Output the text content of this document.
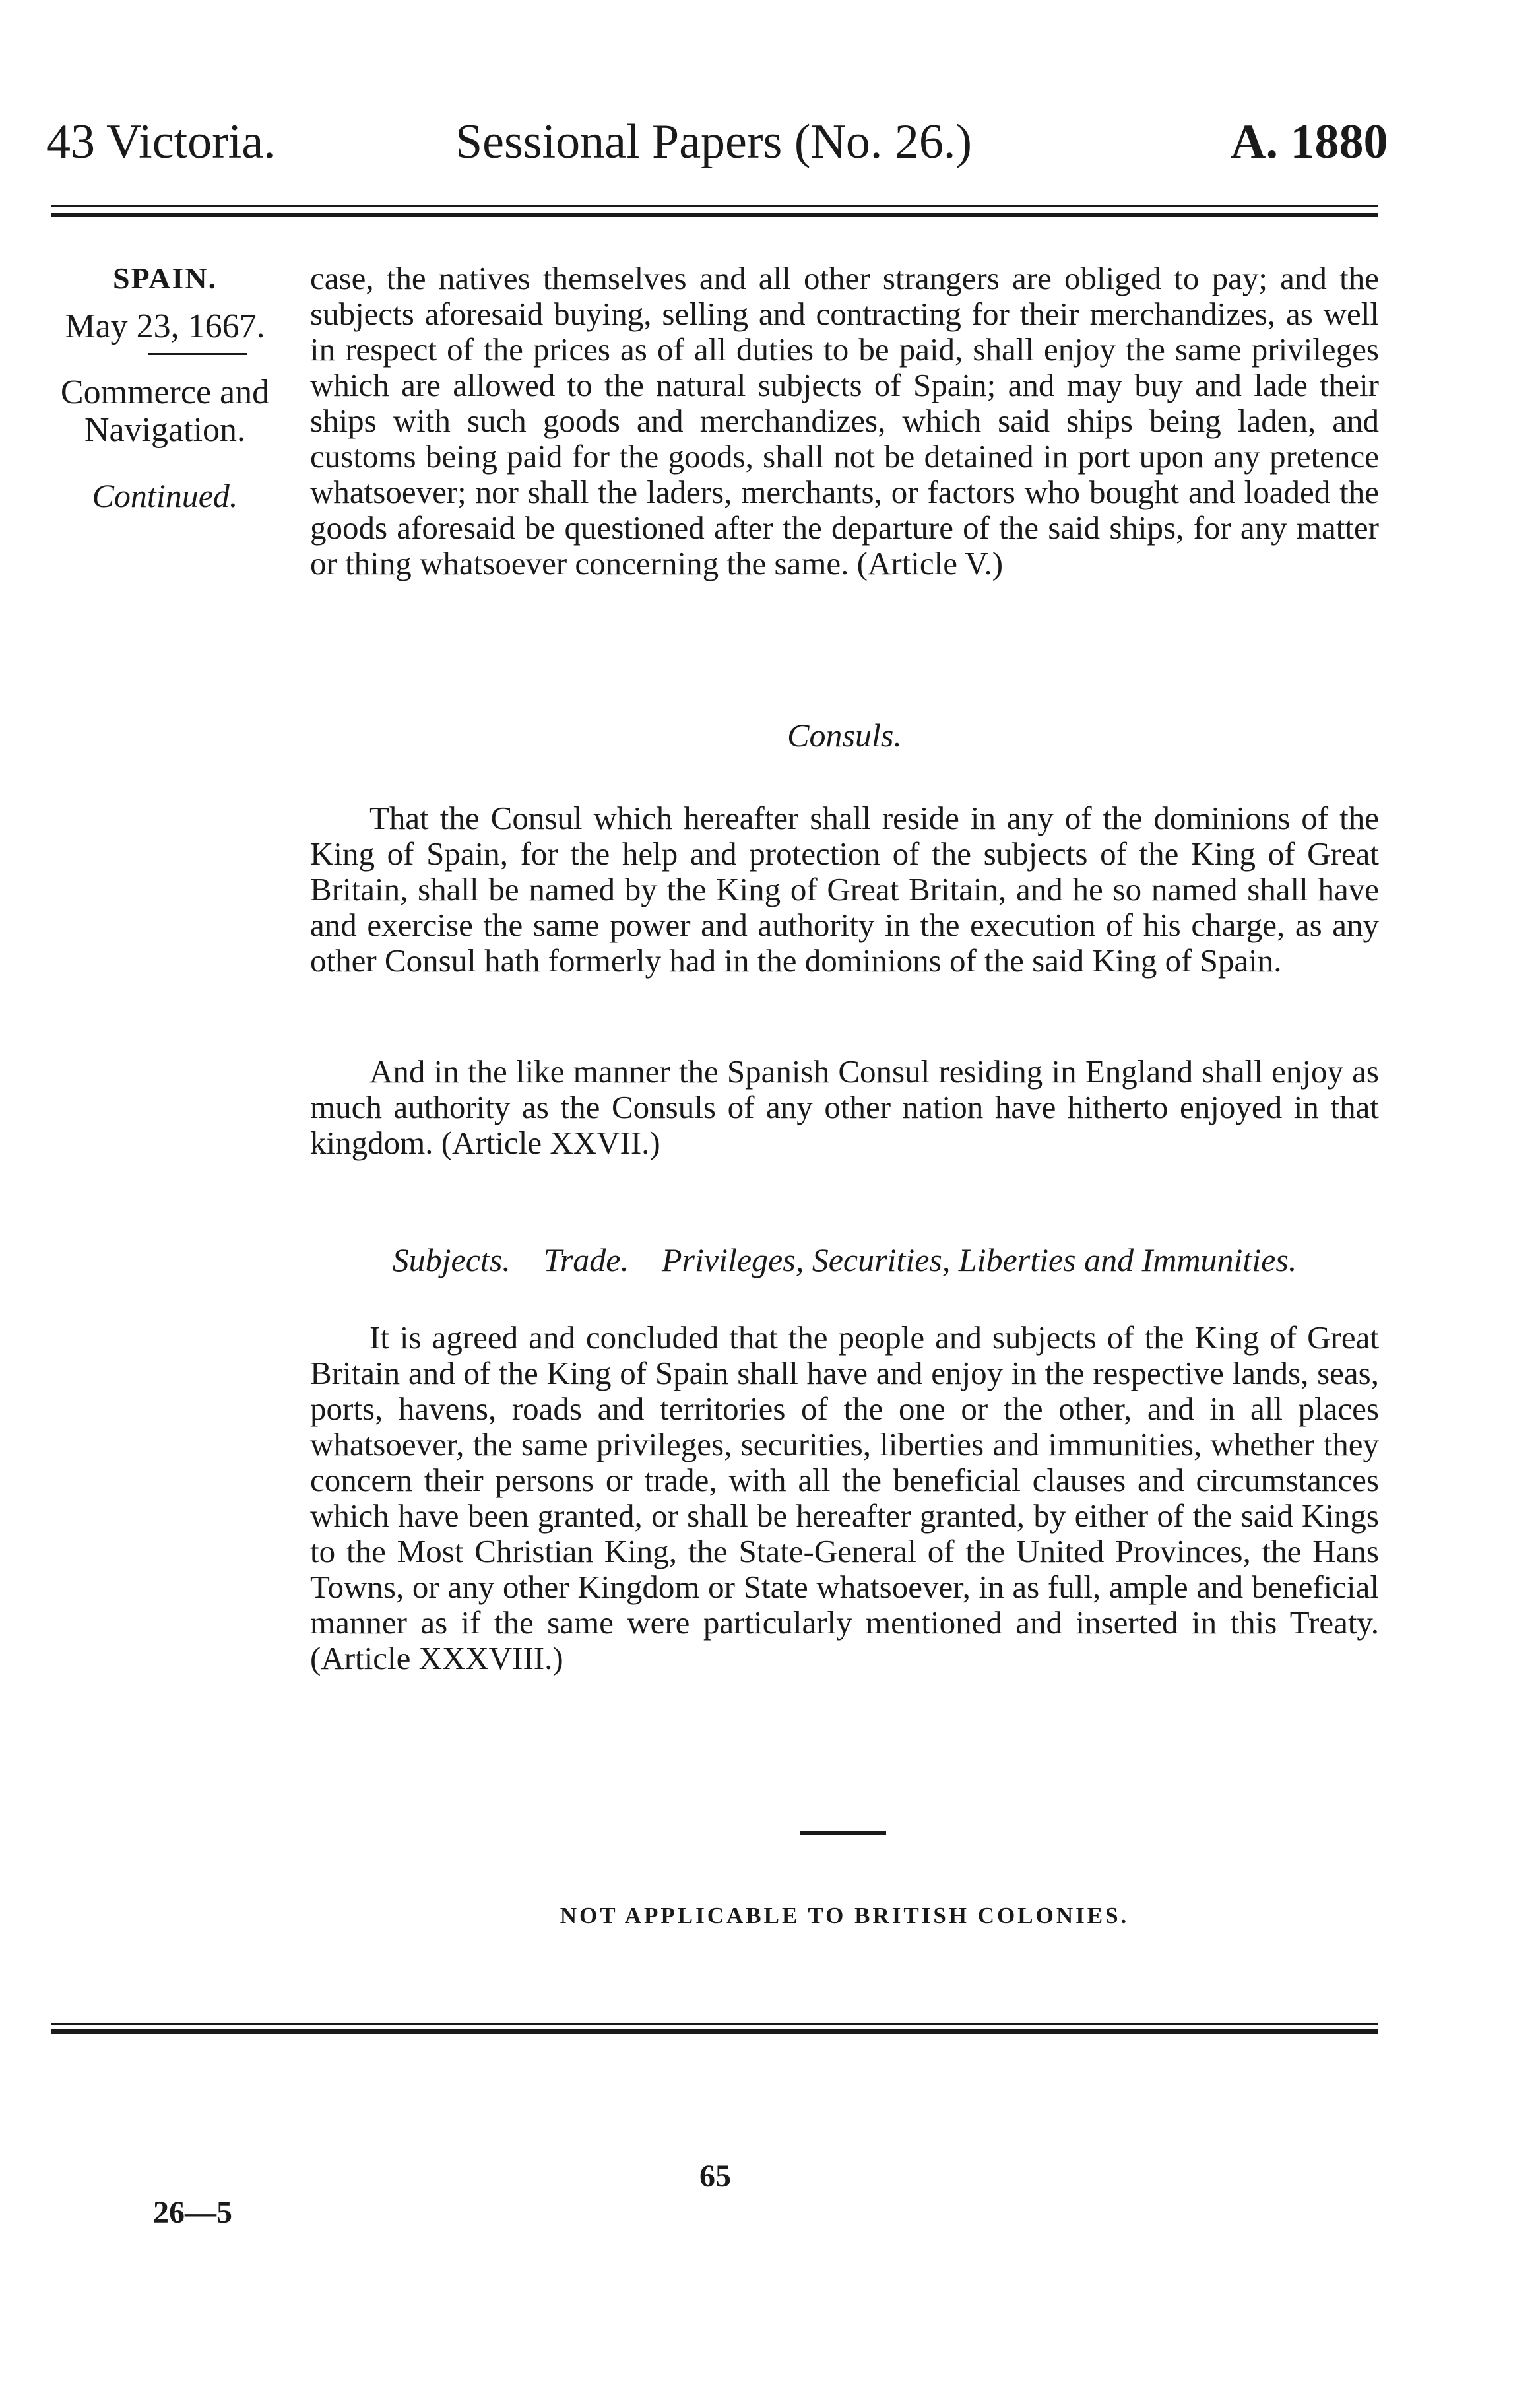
43 Victoria.	Sessional Papers (No. 26.)	A. 1880
SPAIN.
May 23, 1667.
Commerce and
Navigation.
Continued.
case, the natives themselves and all other strangers are obliged to pay; and the subjects aforesaid buying, selling and contracting for their merchandizes, as well in respect of the prices as of all duties to be paid, shall enjoy the same privileges which are allowed to the natural subjects of Spain; and may buy and lade their ships with such goods and merchandizes, which said ships being laden, and customs being paid for the goods, shall not be detained in port upon any pretence whatsoever; nor shall the laders, merchants, or factors who bought and loaded the goods aforesaid be questioned after the departure of the said ships, for any matter or thing whatsoever concerning the same. (Article V.)
Consuls.
That the Consul which hereafter shall reside in any of the dominions of the King of Spain, for the help and protection of the subjects of the King of Great Britain, shall be named by the King of Great Britain, and he so named shall have and exercise the same power and authority in the execution of his charge, as any other Consul hath formerly had in the dominions of the said King of Spain.
And in the like manner the Spanish Consul residing in England shall enjoy as much authority as the Consuls of any other nation have hitherto enjoyed in that kingdom. (Article XXVII.)
Subjects.    Trade.    Privileges, Securities, Liberties and Immunities.
It is agreed and concluded that the people and subjects of the King of Great Britain and of the King of Spain shall have and enjoy in the respective lands, seas, ports, havens, roads and territories of the one or the other, and in all places whatsoever, the same privileges, securities, liberties and immunities, whether they concern their persons or trade, with all the beneficial clauses and circumstances which have been granted, or shall be hereafter granted, by either of the said Kings to the Most Christian King, the State-General of the United Provinces, the Hans Towns, or any other Kingdom or State whatsoever, in as full, ample and beneficial manner as if the same were particularly mentioned and inserted in this Treaty. (Article XXXVIII.)
NOT APPLICABLE TO BRITISH COLONIES.
65
26—5
